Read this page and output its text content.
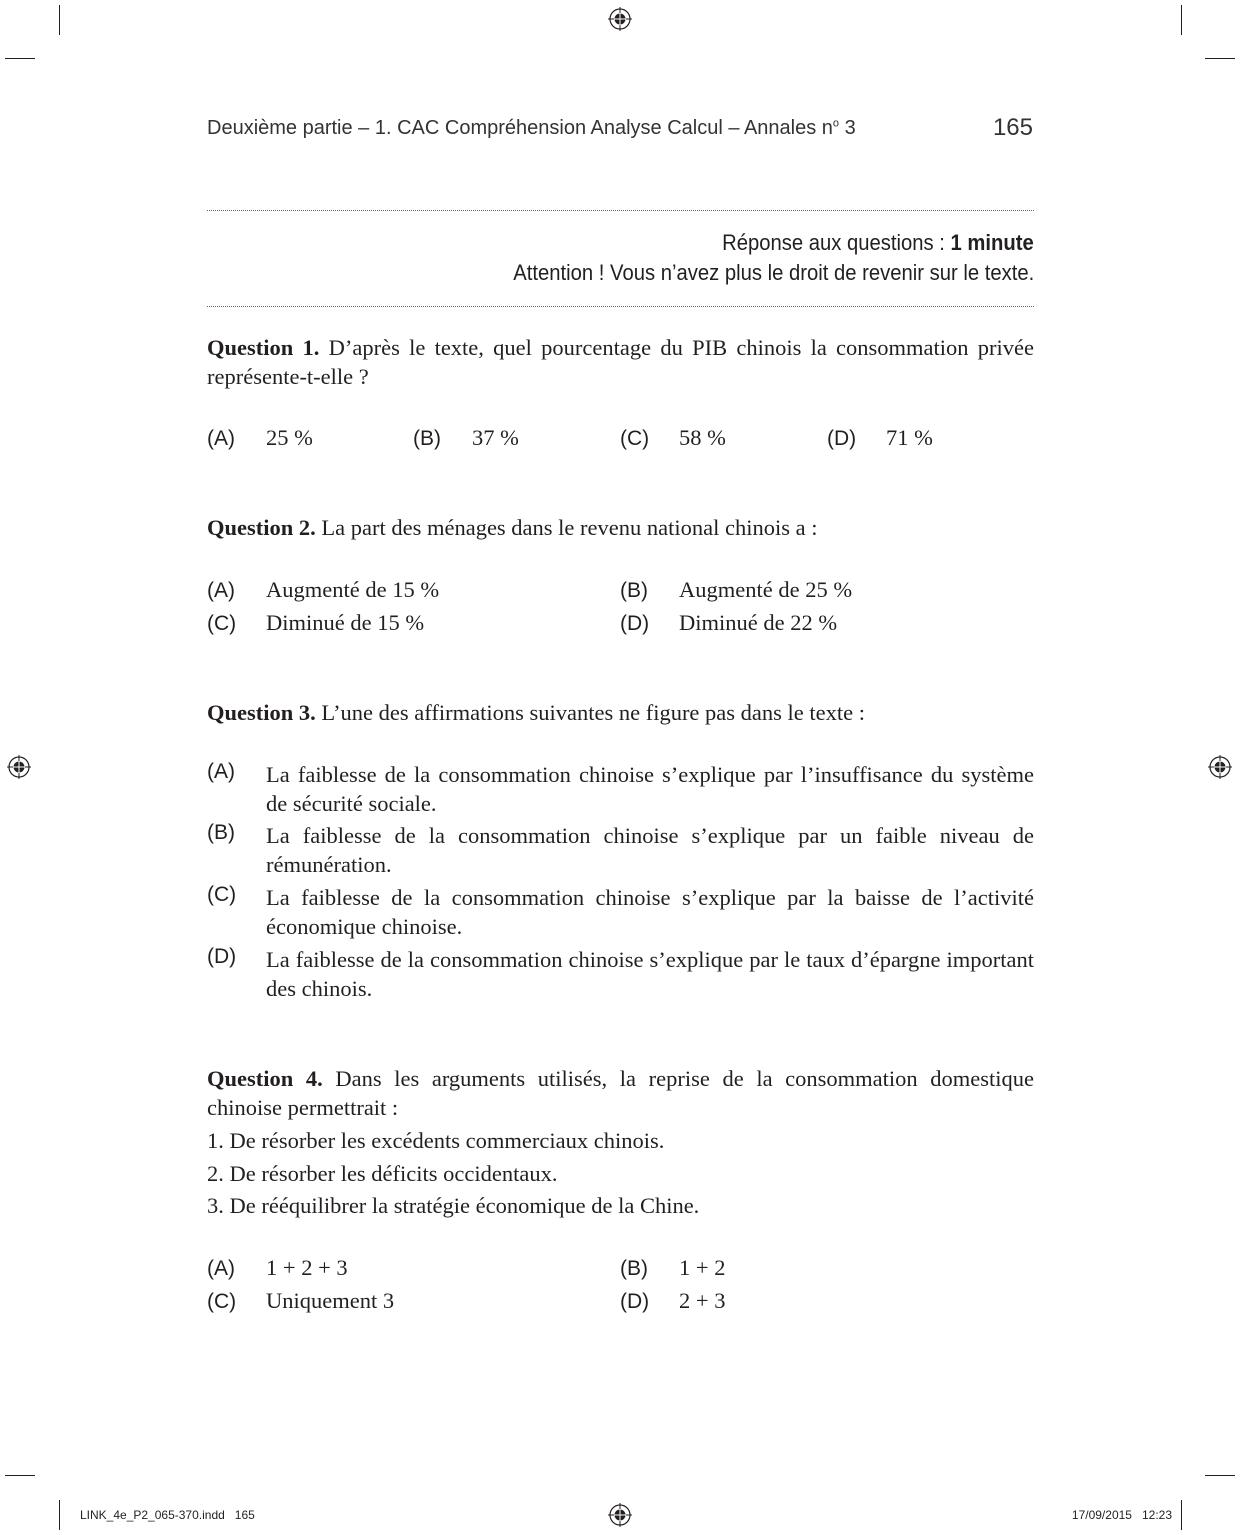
Deuxième partie – 1. CAC Compréhension Analyse Calcul – Annales $n^o$ 3	165
Réponse aux questions : 1 minute
Attention ! Vous n’avez plus le droit de revenir sur le texte.
Question 1. D’après le texte, quel pourcentage du PIB chinois la consommation privée représente-t-elle ?
(A) 25 %	(B) 37 %	(C) 58 %	(D) 71 %
Question 2. La part des ménages dans le revenu national chinois a :
(A) Augmenté de 15 %	(B) Augmenté de 25 %
(C) Diminué de 15 %	(D) Diminué de 22 %
Question 3. L’une des affirmations suivantes ne figure pas dans le texte :
(A) La faiblesse de la consommation chinoise s’explique par l’insuffisance du système de sécurité sociale.
(B) La faiblesse de la consommation chinoise s’explique par un faible niveau de rémunération.
(C) La faiblesse de la consommation chinoise s’explique par la baisse de l’activité économique chinoise.
(D) La faiblesse de la consommation chinoise s’explique par le taux d’épargne important des chinois.
Question 4. Dans les arguments utilisés, la reprise de la consommation domestique chinoise permettrait :
1. De résorber les excédents commerciaux chinois.
2. De résorber les déficits occidentaux.
3. De rééquilibrer la stratégie économique de la Chine.
(A) 1 + 2 + 3	(B) 1 + 2
(C) Uniquement 3	(D) 2 + 3
LINK_4e_P2_065-370.indd   165	17/09/2015   12:23
